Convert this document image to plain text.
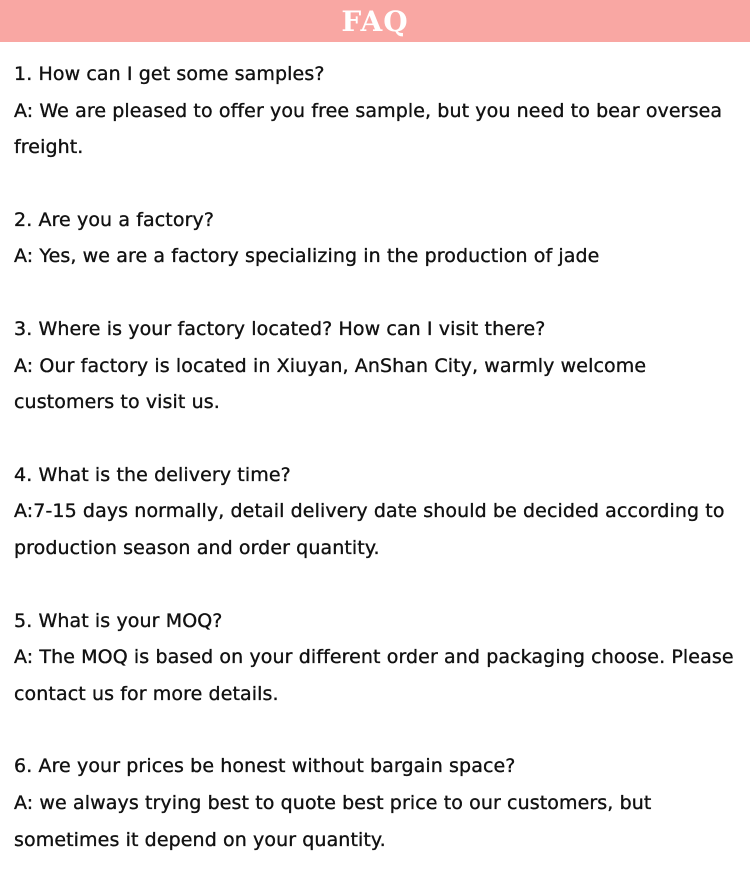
FAQ

1. How can I get some samples?

A: We are pleased to offer you free sample, but you need to bear oversea freight.

2. Are you a factory?

A: Yes, we are a factory specializing in the production of jade

3. Where is your factory located? How can I visit there?

A: Our factory is located in Xiuyan, AnShan City, warmly welcome customers to visit us.

4. What is the delivery time?

A:7-15 days normally, detail delivery date should be decided according to production season and order quantity.

5. What is your MOQ?

A: The MOQ is based on your different order and packaging choose. Please contact us for more details.

6. Are your prices be honest without bargain space?

A: we always trying best to quote best price to our customers, but sometimes it depend on your quantity.
